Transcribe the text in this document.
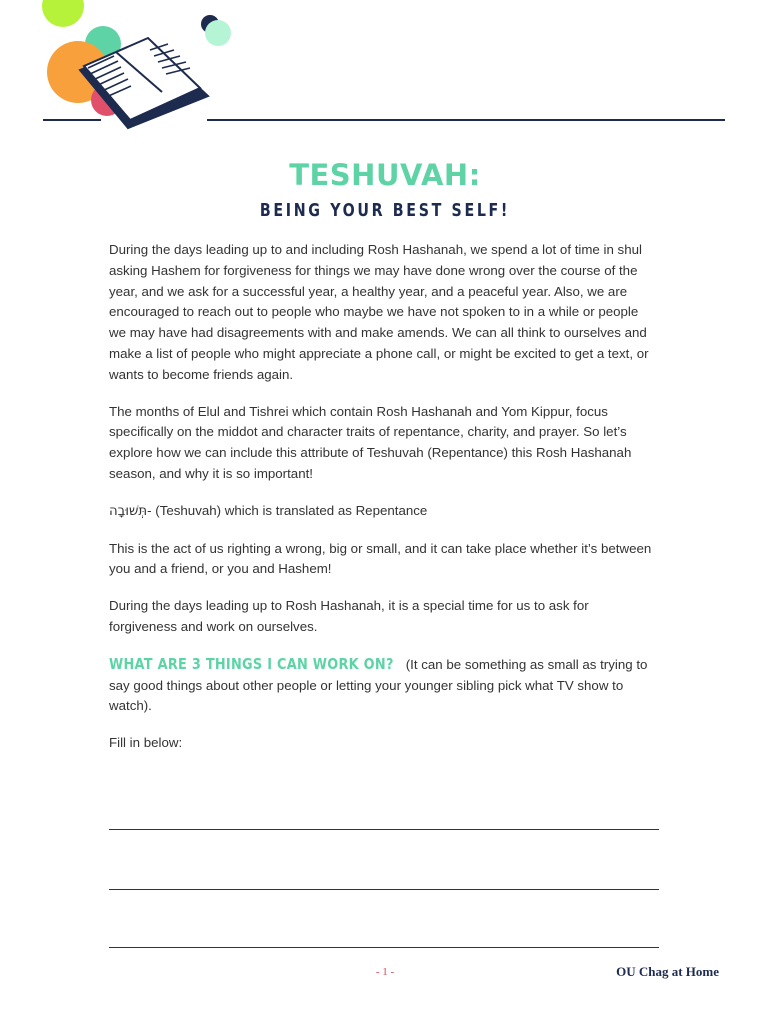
TESHUVAH:
BEING YOUR BEST SELF!

During the days leading up to and including Rosh Hashanah, we spend a lot of time in shul asking Hashem for forgiveness for things we may have done wrong over the course of the year, and we ask for a successful year, a healthy year, and a peaceful year. Also, we are encouraged to reach out to people who maybe we have not spoken to in a while or people we may have had disagreements with and make amends. We can all think to ourselves and make a list of people who might appreciate a phone call, or might be excited to get a text, or wants to become friends again.

The months of Elul and Tishrei which contain Rosh Hashanah and Yom Kippur, focus specifically on the middot and character traits of repentance, charity, and prayer. So let’s explore how we can include this attribute of Teshuvah (Repentance) this Rosh Hashanah season, and why it is so important!

תְּשׁוּבָה- (Teshuvah) which is translated as Repentance

This is the act of us righting a wrong, big or small, and it can take place whether it’s between you and a friend, or you and Hashem!

During the days leading up to Rosh Hashanah, it is a special time for us to ask for forgiveness and work on ourselves.

WHAT ARE 3 THINGS I CAN WORK ON? (It can be something as small as trying to say good things about other people or letting your younger sibling pick what TV show to watch).

Fill in below:

- 1 -	OU Chag at Home
